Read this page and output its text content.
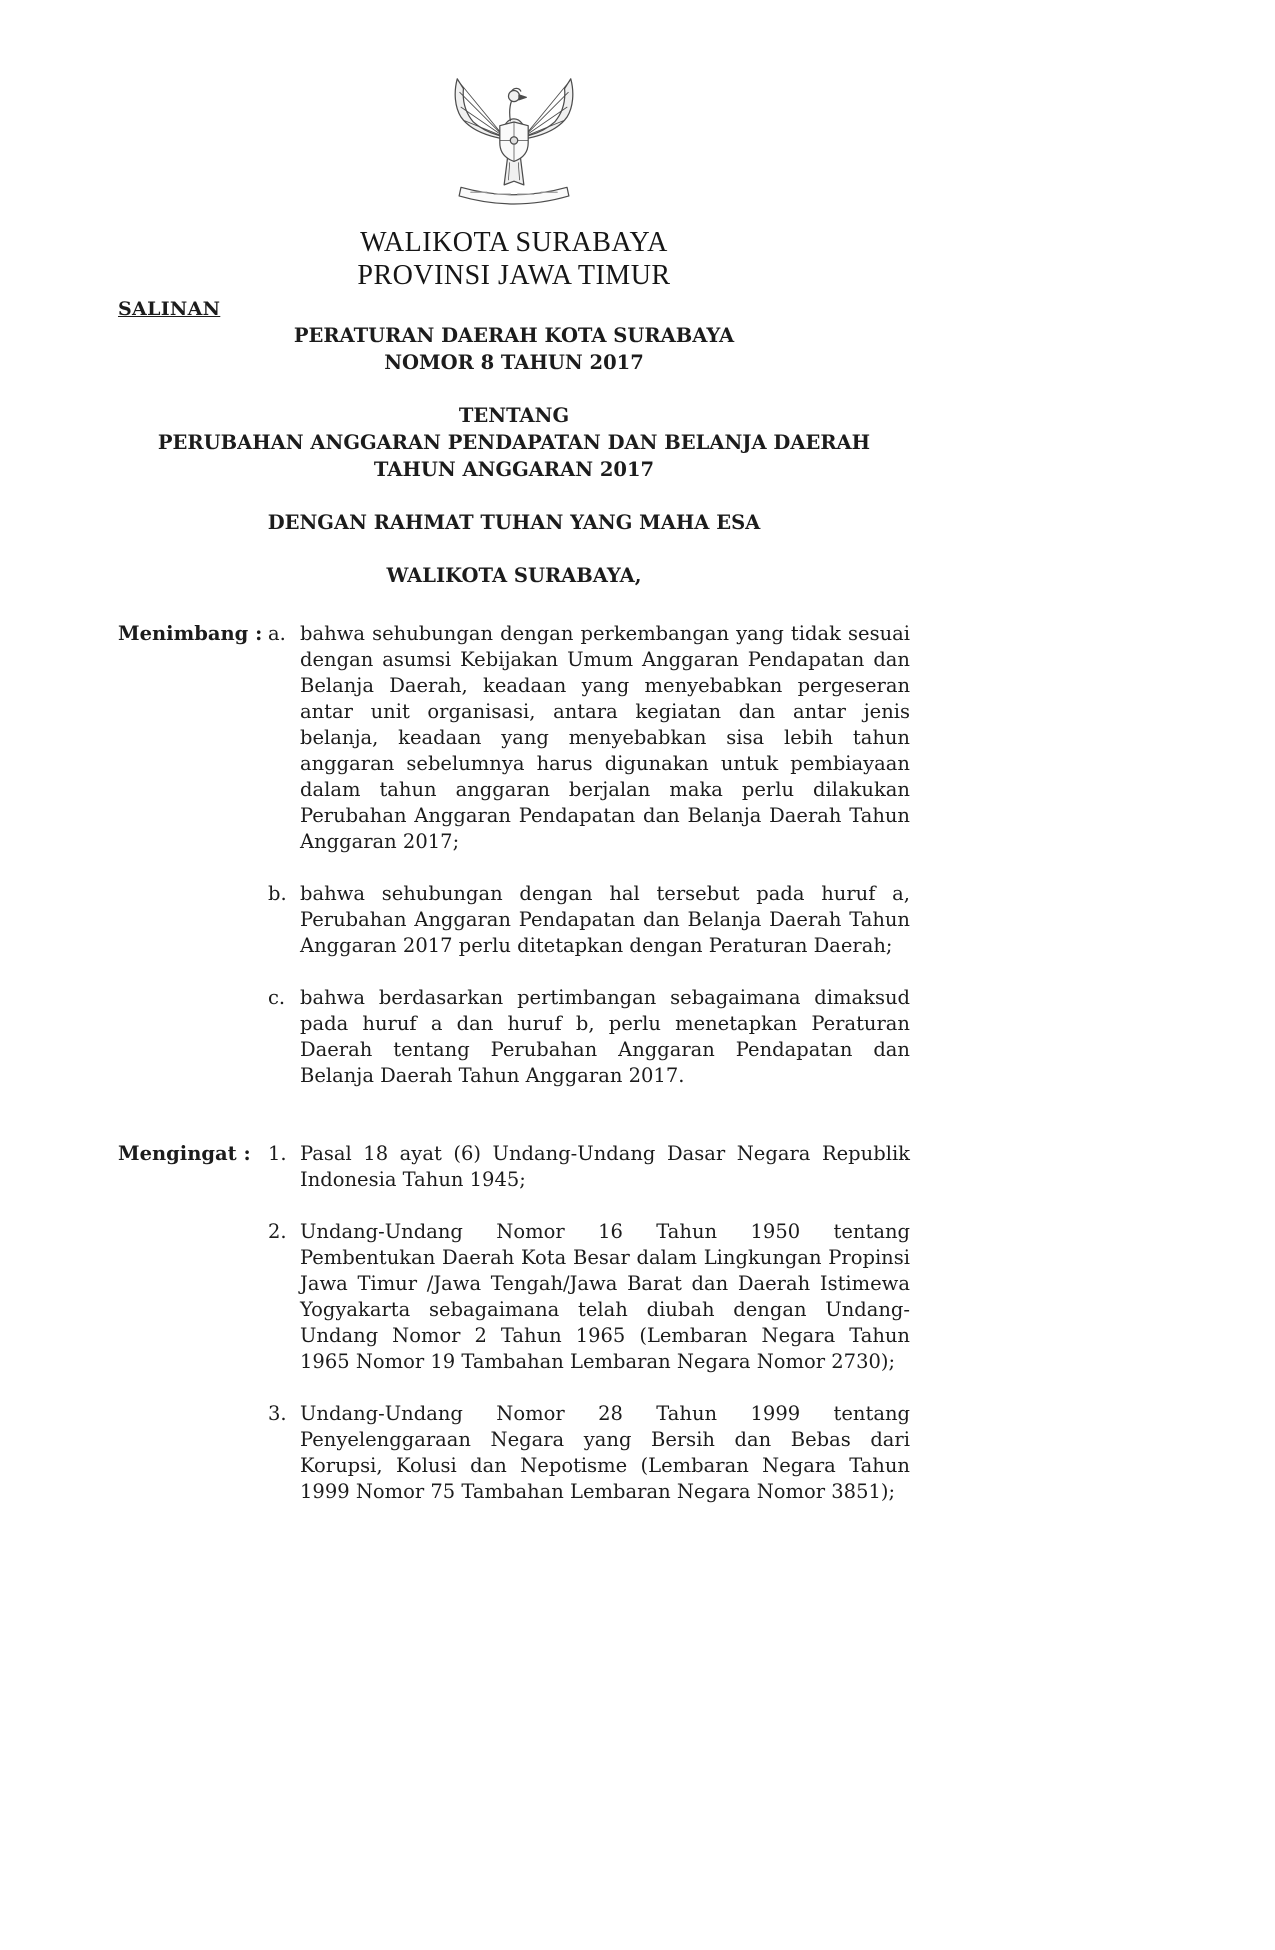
WALIKOTA SURABAYA
PROVINSI JAWA TIMUR
SALINAN
PERATURAN DAERAH KOTA SURABAYA
NOMOR 8 TAHUN 2017
TENTANG
PERUBAHAN ANGGARAN PENDAPATAN DAN BELANJA DAERAH
TAHUN ANGGARAN 2017
DENGAN RAHMAT TUHAN YANG MAHA ESA
WALIKOTA SURABAYA,
Menimbang : a. bahwa sehubungan dengan perkembangan yang tidak sesuai dengan asumsi Kebijakan Umum Anggaran Pendapatan dan Belanja Daerah, keadaan yang menyebabkan pergeseran antar unit organisasi, antara kegiatan dan antar jenis belanja, keadaan yang menyebabkan sisa lebih tahun anggaran sebelumnya harus digunakan untuk pembiayaan dalam tahun anggaran berjalan maka perlu dilakukan Perubahan Anggaran Pendapatan dan Belanja Daerah Tahun Anggaran 2017;

b. bahwa sehubungan dengan hal tersebut pada huruf a, Perubahan Anggaran Pendapatan dan Belanja Daerah Tahun Anggaran 2017 perlu ditetapkan dengan Peraturan Daerah;

c. bahwa berdasarkan pertimbangan sebagaimana dimaksud pada huruf a dan huruf b, perlu menetapkan Peraturan Daerah tentang Perubahan Anggaran Pendapatan dan Belanja Daerah Tahun Anggaran 2017.

Mengingat : 1. Pasal 18 ayat (6) Undang-Undang Dasar Negara Republik Indonesia Tahun 1945;

2. Undang-Undang Nomor 16 Tahun 1950 tentang Pembentukan Daerah Kota Besar dalam Lingkungan Propinsi Jawa Timur /Jawa Tengah/Jawa Barat dan Daerah Istimewa Yogyakarta sebagaimana telah diubah dengan Undang-Undang Nomor 2 Tahun 1965 (Lembaran Negara Tahun 1965 Nomor 19 Tambahan Lembaran Negara Nomor 2730);

3. Undang-Undang Nomor 28 Tahun 1999 tentang Penyelenggaraan Negara yang Bersih dan Bebas dari Korupsi, Kolusi dan Nepotisme (Lembaran Negara Tahun 1999 Nomor 75 Tambahan Lembaran Negara Nomor 3851);
